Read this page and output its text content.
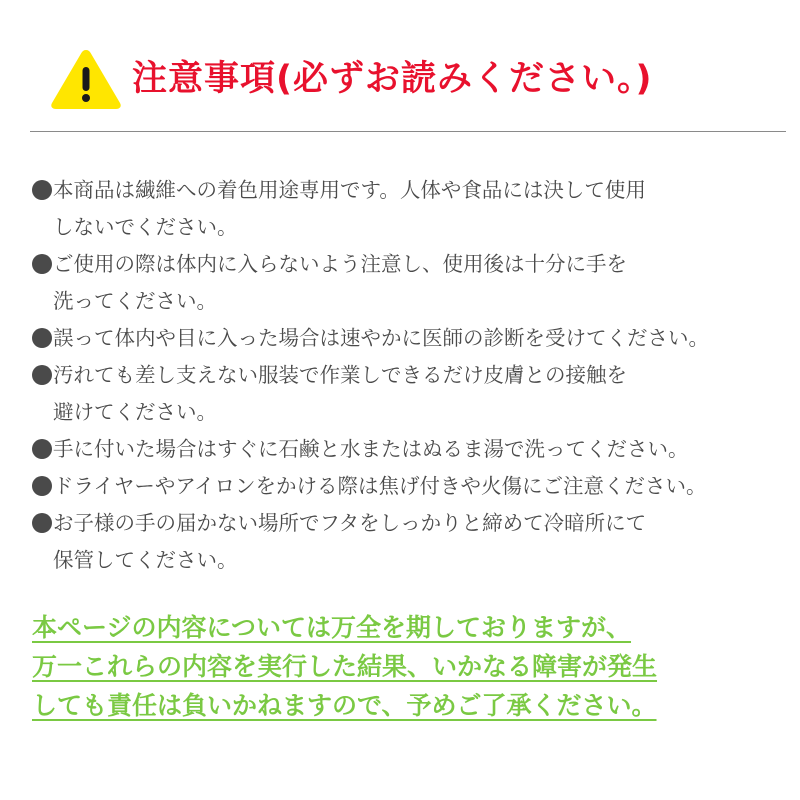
注意事項(必ずお読みください。)
本商品は繊維への着色用途専用です。人体や食品には決して使用
しないでください。
ご使用の際は体内に入らないよう注意し、使用後は十分に手を
洗ってください。
誤って体内や目に入った場合は速やかに医師の診断を受けてください。
汚れても差し支えない服装で作業しできるだけ皮膚との接触を
避けてください。
手に付いた場合はすぐに石鹸と水またはぬるま湯で洗ってください。
ドライヤーやアイロンをかける際は焦げ付きや火傷にご注意ください。
お子様の手の届かない場所でフタをしっかりと締めて冷暗所にて
保管してください。
本ページの内容については万全を期しておりますが、
万一これらの内容を実行した結果、いかなる障害が発生
しても責任は負いかねますので、予めご了承ください。
